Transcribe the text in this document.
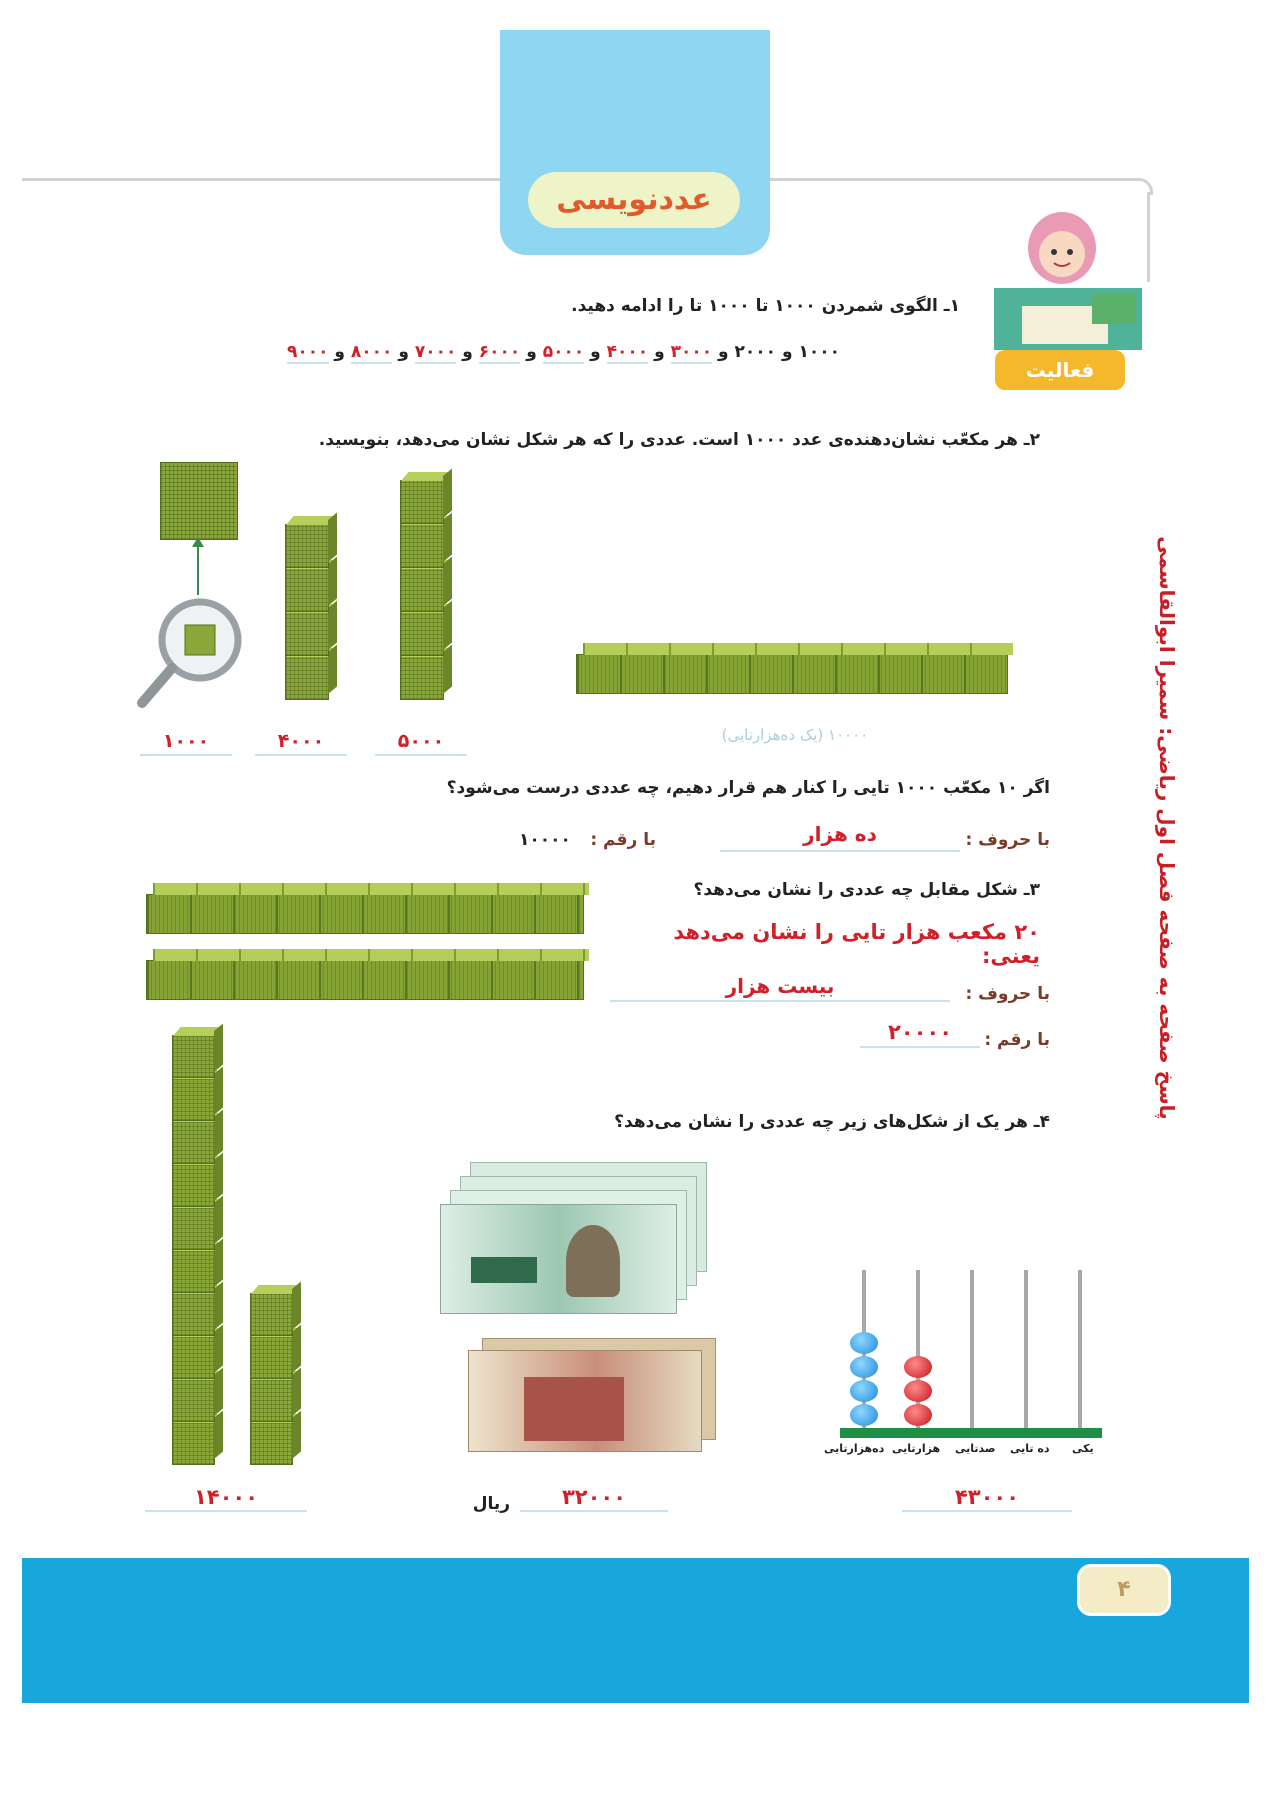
عددنویسی
فعالیت
پاسخ صفحه به صفحه فصل اول ریاضی: سمیرا ابوالقاسمی
۱ـ الگوی شمردن ۱۰۰۰ تا ۱۰۰۰ تا را ادامه دهید.
۱۰۰۰ و ۲۰۰۰ و ۳۰۰۰ و ۴۰۰۰ و ۵۰۰۰ و ۶۰۰۰ و ۷۰۰۰ و ۸۰۰۰ و ۹۰۰۰
۲ـ هر مکعّب نشان‌دهنده‌ی عدد ۱۰۰۰ است. عددی را که هر شکل نشان می‌دهد، بنویسید.
۱۰۰۰	۴۰۰۰	۵۰۰۰	۱۰۰۰۰ (یک ده‌هزارتایی)
اگر ۱۰ مکعّب ۱۰۰۰ تایی را کنار هم قرار دهیم، چه عددی درست می‌شود؟
با حروف :
ده هزار
با رقم :
۱۰۰۰۰
۳ـ شکل مقابل چه عددی را نشان می‌دهد؟
۲۰ مکعب هزار تایی را نشان می‌دهد یعنی:
با حروف :
بیست هزار
با رقم :
۲۰۰۰۰
۴ـ هر یک از شکل‌های زیر چه عددی را نشان می‌دهد؟
ده‌هزارتایی هزارتایی صدتایی ده تایی یکی
۱۴۰۰۰	۳۲۰۰۰
ریال	۴۳۰۰۰
۴
